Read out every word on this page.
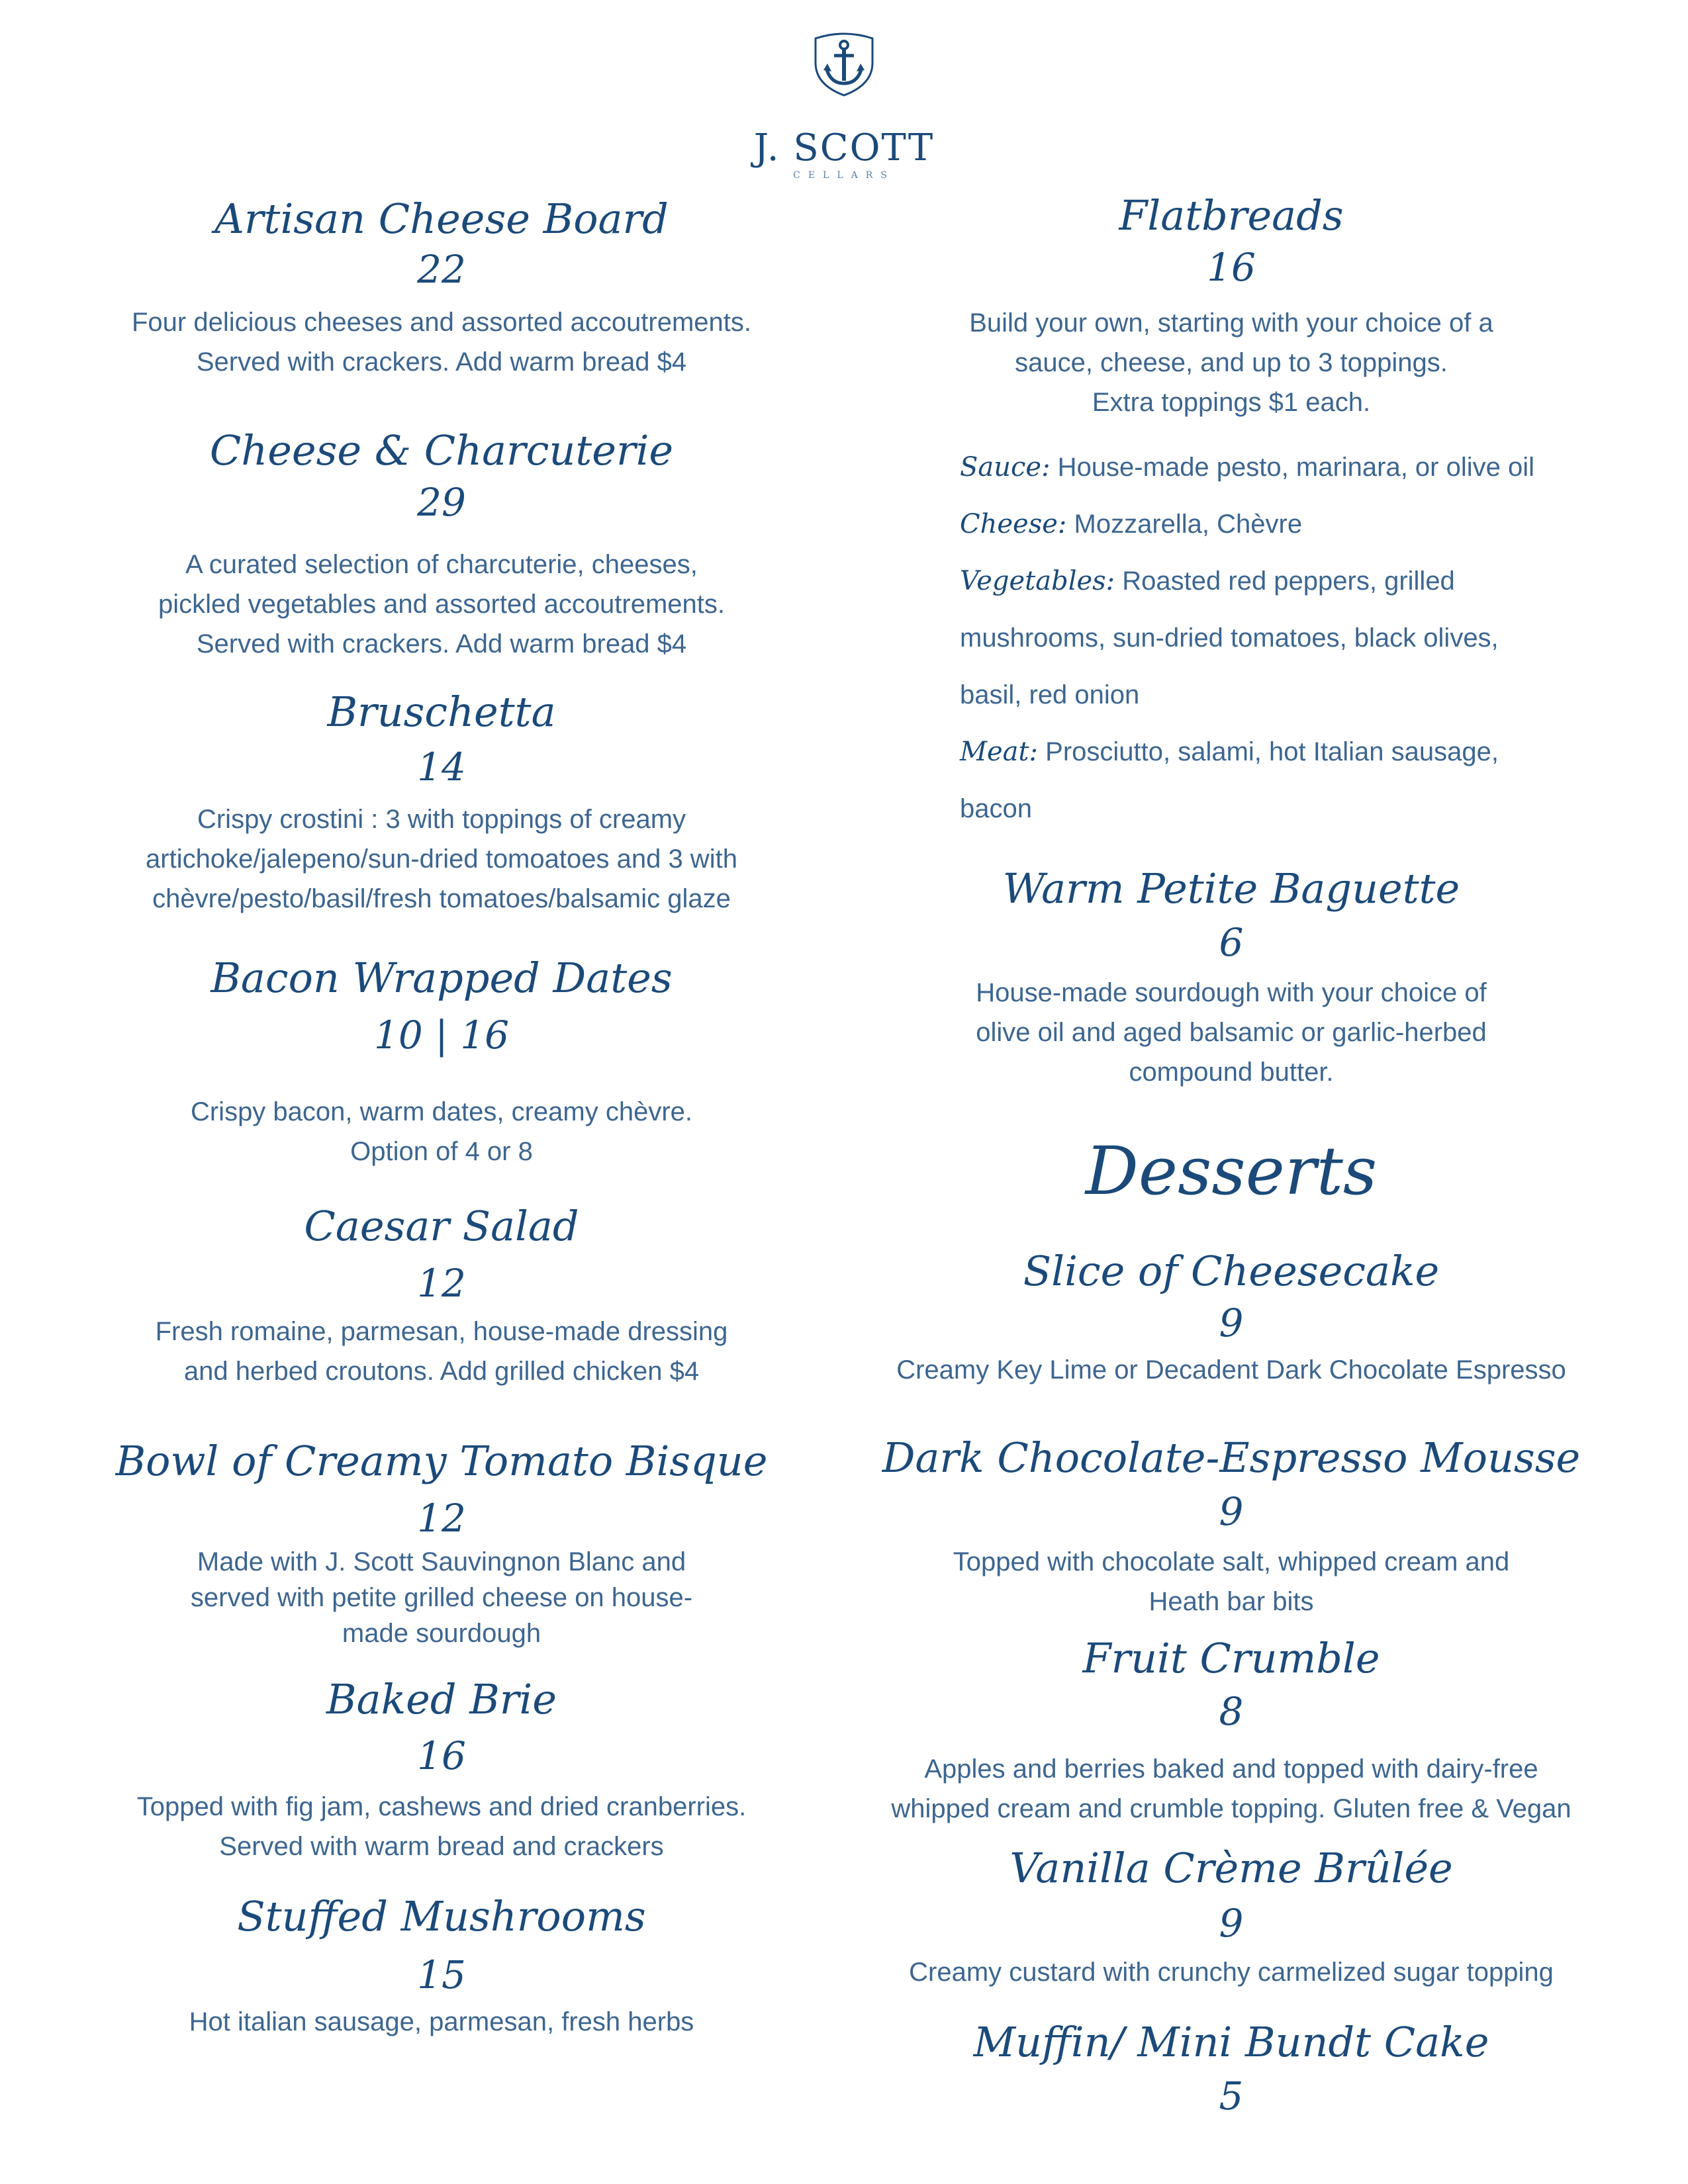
J. SCOTT
CELLARS
Artisan Cheese Board
22
Four delicious cheeses and assorted accoutrements.
Served with crackers. Add warm bread $4
Cheese & Charcuterie
29
A curated selection of charcuterie, cheeses,
pickled vegetables and assorted accoutrements.
Served with crackers. Add warm bread $4
Bruschetta
14
Crispy crostini : 3 with toppings of creamy
artichoke/jalepeno/sun-dried tomoatoes and 3 with
chèvre/pesto/basil/fresh tomatoes/balsamic glaze
Bacon Wrapped Dates
10 | 16
Crispy bacon, warm dates, creamy chèvre.
Option of 4 or 8
Caesar Salad
12
Fresh romaine, parmesan, house-made dressing
and herbed croutons. Add grilled chicken $4
Bowl of Creamy Tomato Bisque
12
Made with J. Scott Sauvingnon Blanc and
served with petite grilled cheese on house-
made sourdough
Baked Brie
16
Topped with fig jam, cashews and dried cranberries.
Served with warm bread and crackers
Stuffed Mushrooms
15
Hot italian sausage, parmesan, fresh herbs
Flatbreads
16
Build your own, starting with your choice of a
sauce, cheese, and up to 3 toppings.
Extra toppings $1 each.
Sauce: House-made pesto, marinara, or olive oil
Cheese: Mozzarella, Chèvre
Vegetables: Roasted red peppers, grilled
mushrooms, sun-dried tomatoes, black olives,
basil, red onion
Meat: Prosciutto, salami, hot Italian sausage,
bacon
Warm Petite Baguette
6
House-made sourdough with your choice of
olive oil and aged balsamic or garlic-herbed
compound butter.
Desserts
Slice of Cheesecake
9
Creamy Key Lime or Decadent Dark Chocolate Espresso
Dark Chocolate-Espresso Mousse
9
Topped with chocolate salt, whipped cream and
Heath bar bits
Fruit Crumble
8
Apples and berries baked and topped with dairy-free
whipped cream and crumble topping. Gluten free & Vegan
Vanilla Crème Brûlée
9
Creamy custard with crunchy carmelized sugar topping
Muffin/ Mini Bundt Cake
5
